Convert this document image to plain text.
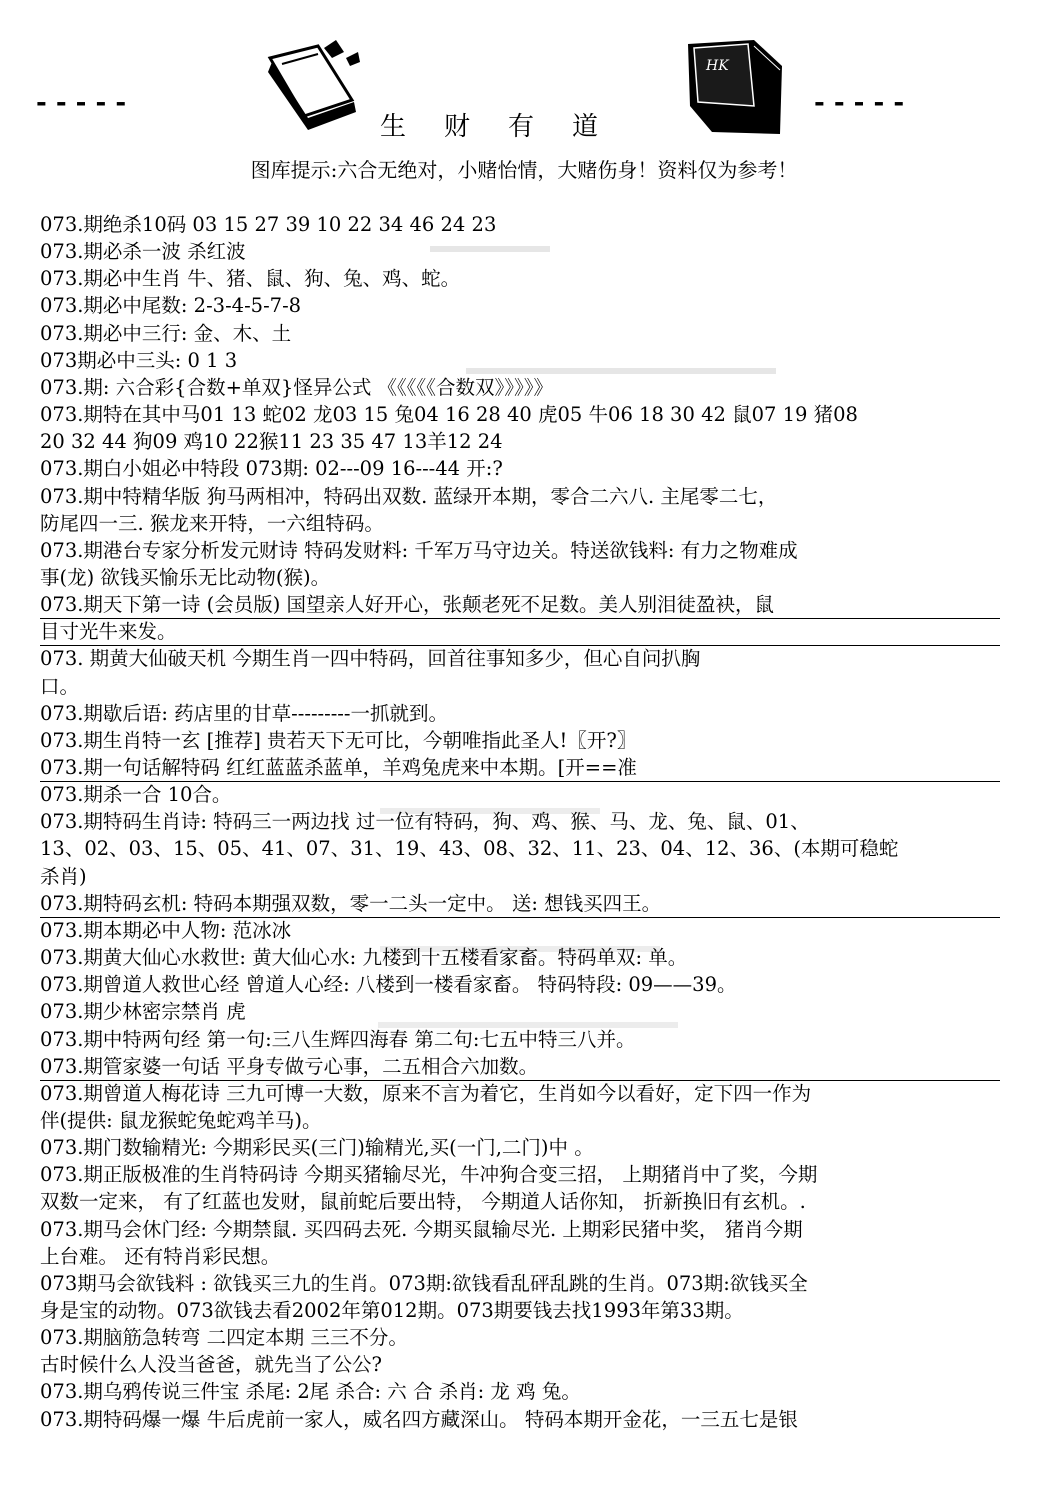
- - - - -
生财有道
HK
- - - - -
图库提示:六合无绝对，小赌怡情，大赌伤身！资料仅为参考！
073.期绝杀10码 03 15 27 39 10 22 34 46 24 23
073.期必杀一波 杀红波
073.期必中生肖 牛、猪、鼠、狗、兔、鸡、蛇。
073.期必中尾数: 2-3-4-5-7-8
073.期必中三行: 金、木、土
073期必中三头: 0 1 3
073.期: 六合彩{合数+单双}怪异公式 《《《《《合数双》》》》》
073.期特在其中马01 13 蛇02 龙03 15 兔04 16 28 40 虎05 牛06 18 30 42 鼠07 19 猪08
20 32 44 狗09 鸡10 22猴11 23 35 47 13羊12 24
073.期白小姐必中特段 073期: 02---09 16---44 开:?
073.期中特精华版 狗马两相冲，特码出双数. 蓝绿开本期，零合二六八. 主尾零二七，
防尾四一三. 猴龙来开特，一六组特码。
073.期港台专家分析发元财诗 特码发财料: 千军万马守边关。特送欲钱料: 有力之物难成
事(龙) 欲钱买愉乐无比动物(猴)。
073.期天下第一诗 (会员版) 国望亲人好开心，张颠老死不足数。美人别泪徒盈袂，鼠
目寸光牛来发。
073. 期黄大仙破天机 今期生肖一四中特码，回首往事知多少，但心自问扒胸
口。
073.期歇后语: 药店里的甘草---------一抓就到。
073.期生肖特一玄 [推荐] 贵若天下无可比，今朝唯指此圣人!〖开?〗
073.期一句话解特码 红红蓝蓝杀蓝单，羊鸡兔虎来中本期。[开==准
073.期杀一合 10合。
073.期特码生肖诗: 特码三一两边找 过一位有特码，狗、鸡、猴、马、龙、兔、鼠、01、
13、02、03、15、05、41、07、31、19、43、08、32、11、23、04、12、36、(本期可稳蛇
杀肖)
073.期特码玄机: 特码本期强双数，零一二头一定中。 送: 想钱买四王。
073.期本期必中人物: 范冰冰
073.期黄大仙心水救世: 黄大仙心水: 九楼到十五楼看家畜。特码单双: 单。
073.期曾道人救世心经 曾道人心经: 八楼到一楼看家畜。 特码特段: 09——39。
073.期少林密宗禁肖 虎
073.期中特两句经 第一句:三八生辉四海春 第二句:七五中特三八并。
073.期管家婆一句话 平身专做亏心事，二五相合六加数。
073.期曾道人梅花诗 三九可博一大数，原来不言为着它，生肖如今以看好，定下四一作为
伴(提供: 鼠龙猴蛇兔蛇鸡羊马)。
073.期门数输精光: 今期彩民买(三门)输精光,买(一门,二门)中 。
073.期正版极准的生肖特码诗 今期买猪输尽光，牛冲狗合变三招， 上期猪肖中了奖，今期
双数一定来， 有了红蓝也发财，鼠前蛇后要出特， 今期道人话你知， 折新换旧有玄机。.
073.期马会休门经: 今期禁鼠. 买四码去死. 今期买鼠输尽光. 上期彩民猪中奖， 猪肖今期
上台难。 还有特肖彩民想。
073期马会欲钱料 : 欲钱买三九的生肖。073期:欲钱看乱砰乱跳的生肖。073期:欲钱买全
身是宝的动物。073欲钱去看2002年第012期。073期要钱去找1993年第33期。
073.期脑筋急转弯 二四定本期 三三不分。
古时候什么人没当爸爸，就先当了公公?
073.期乌鸦传说三件宝 杀尾: 2尾 杀合: 六 合 杀肖: 龙 鸡 兔。
073.期特码爆一爆 牛后虎前一家人，威名四方藏深山。 特码本期开金花，一三五七是银
